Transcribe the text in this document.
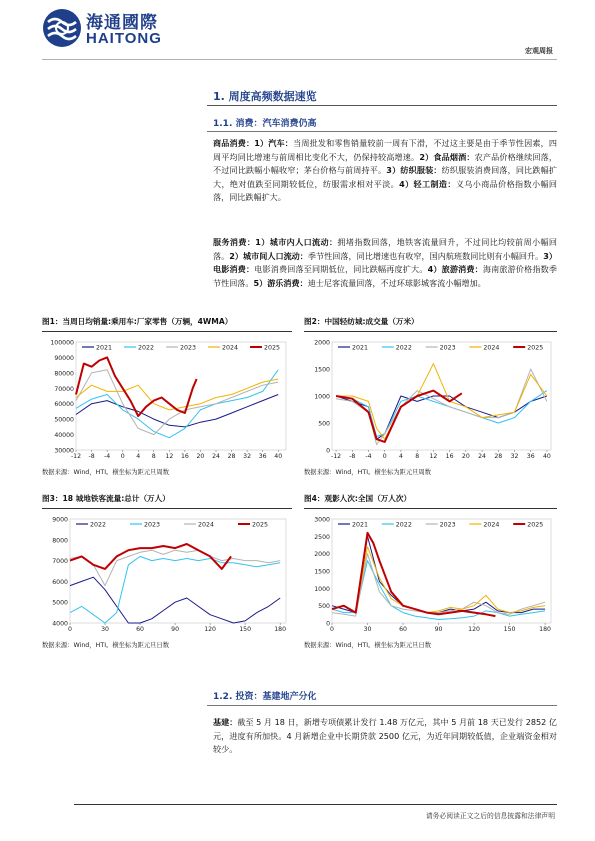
海通國際
HAITONG
宏观周报
1. 周度高频数据速览
1.1. 消费：汽车消费仍高
商品消费：1）汽车：当周批发和零售销量较前一周有下滑，不过这主要是由于季节性因素，四周平均同比增速与前周相比变化不大，仍保持较高增速。2）食品烟酒：农产品价格继续回落，不过同比跌幅小幅收窄；茅台价格与前周持平。3）纺织服装：纺织服装消费回落，同比跌幅扩大，绝对值跌至同期较低位，纺服需求相对平淡。4）轻工制造：义乌小商品价格指数小幅回落，同比跌幅扩大。
服务消费：1）城市内人口流动：拥堵指数回落，地铁客流量回升，不过同比均较前周小幅回落。2）城市间人口流动：季节性回落，同比增速也有收窄，国内航班数同比则有小幅回升。3）电影消费：电影消费回落至同期低位，同比跌幅再度扩大。4）旅游消费：海南旅游价格指数季节性回落。5）游乐消费：迪士尼客流量回落，不过环球影城客流小幅增加。
图1：当周日均销量:乘用车:厂家零售（万辆，4WMA）
100000
90000
80000
70000
60000
50000
40000
30000
-12 -8 -4 0 4 8 12 16 20 24 28 32 36 40
2021	2022	2023	2024	2025
数据来源：Wind，HTI。横坐标为距元旦周数
图2：中国轻纺城:成交量（万米）
2000
1500
1000
500
0
-12 -8 -4 0 4 8 12 16 20 24 28 32 36 40
2021	2022	2023	2024	2025
数据来源：Wind，HTI。横坐标为距元旦周数
图3：18 城地铁客流量:总计（万人）
9000
8000
7000
6000
5000
4000
0	30	60	90	120	150	180
2022	2023	2024	2025
数据来源：Wind，HTI。横坐标为距元旦日数
图4：观影人次:全国（万人次）
3000
2500
2000
1500
1000
500
0
0	30	60	90	120	150	180
2021	2022	2023	2024	2025
数据来源：Wind，HTI。横坐标为距元旦日数
1.2. 投资：基建地产分化
基建：截至 5 月 18 日，新增专项债累计发行 1.48 万亿元，其中 5 月前 18 天已发行 2852 亿元，进度有所加快。4 月新增企业中长期贷款 2500 亿元，为近年同期较低值，企业端资金相对较少。
请务必阅读正文之后的信息披露和法律声明
